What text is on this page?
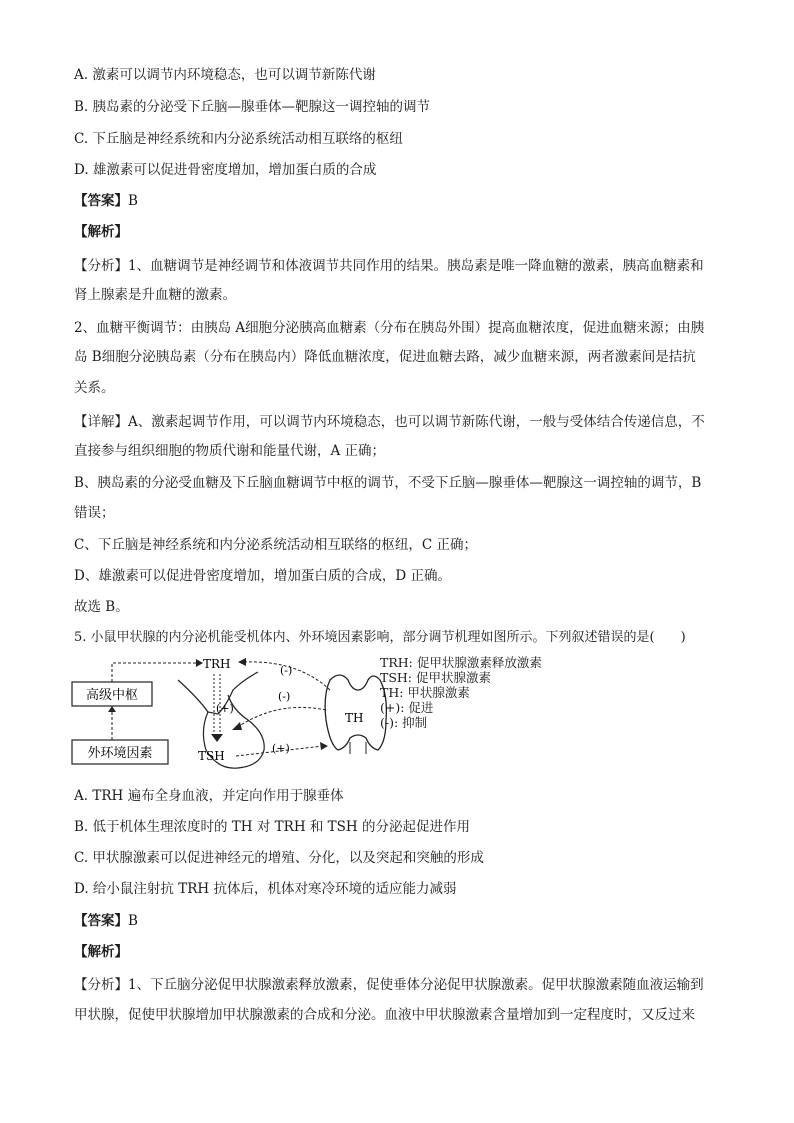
A. 激素可以调节内环境稳态，也可以调节新陈代谢
B. 胰岛素的分泌受下丘脑—腺垂体—靶腺这一调控轴的调节
C. 下丘脑是神经系统和内分泌系统活动相互联络的枢纽
D. 雄激素可以促进骨密度增加，增加蛋白质的合成
【答案】B
【解析】
【分析】1、血糖调节是神经调节和体液调节共同作用的结果。胰岛素是唯一降血糖的激素，胰高血糖素和
肾上腺素是升血糖的激素。
2、血糖平衡调节：由胰岛 A细胞分泌胰高血糖素（分布在胰岛外围）提高血糖浓度，促进血糖来源；由胰
岛 B细胞分泌胰岛素（分布在胰岛内）降低血糖浓度，促进血糖去路，减少血糖来源，两者激素间是拮抗
关系。
【详解】A、激素起调节作用，可以调节内环境稳态，也可以调节新陈代谢，一般与受体结合传递信息，不
直接参与组织细胞的物质代谢和能量代谢，A 正确；
B、胰岛素的分泌受血糖及下丘脑血糖调节中枢的调节，不受下丘脑—腺垂体—靶腺这一调控轴的调节，B
错误；
C、下丘脑是神经系统和内分泌系统活动相互联络的枢纽，C 正确；
D、雄激素可以促进骨密度增加，增加蛋白质的合成，D 正确。
故选 B。
5. 小鼠甲状腺的内分泌机能受机体内、外环境因素影响，部分调节机理如图所示。下列叙述错误的是(　　)
高级中枢
外环境因素
TRH
(+)
TSH
(+)
TH
(-)
(-)
TRH: 促甲状腺激素释放激素
TSH: 促甲状腺激素
TH: 甲状腺激素
(+): 促进
(-): 抑制
A. TRH 遍布全身血液，并定向作用于腺垂体
B. 低于机体生理浓度时的 TH 对 TRH 和 TSH 的分泌起促进作用
C. 甲状腺激素可以促进神经元的增殖、分化，以及突起和突触的形成
D. 给小鼠注射抗 TRH 抗体后，机体对寒冷环境的适应能力减弱
【答案】B
【解析】
【分析】1、下丘脑分泌促甲状腺激素释放激素，促使垂体分泌促甲状腺激素。促甲状腺激素随血液运输到
甲状腺，促使甲状腺增加甲状腺激素的合成和分泌。血液中甲状腺激素含量增加到一定程度时，又反过来
